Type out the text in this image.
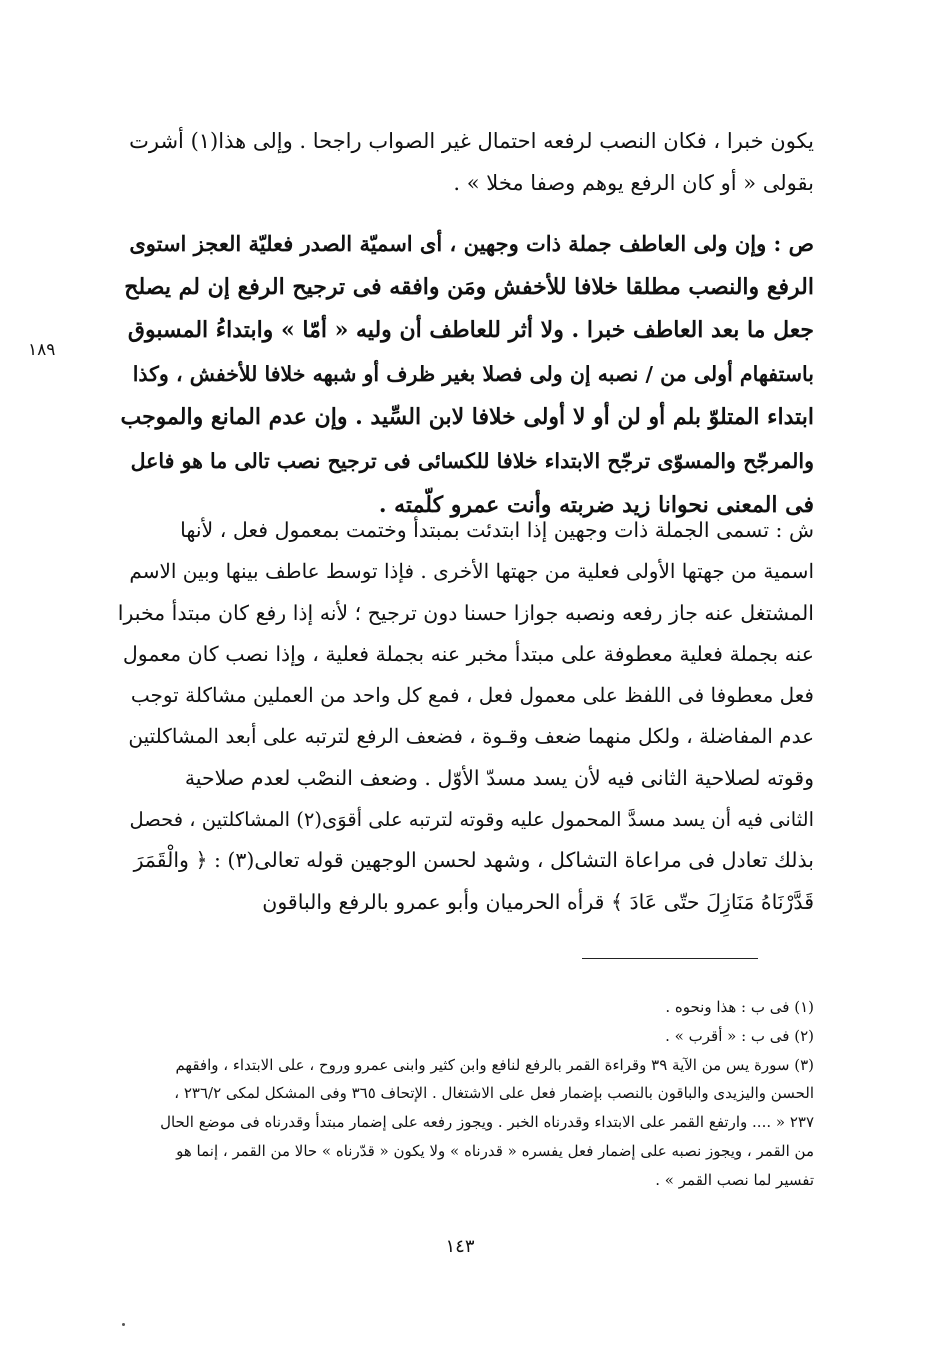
١٨٩
يكون خبرا ، فكان النصب لرفعه احتمال غير الصواب راجحا . وإلى هذا(١) أشرت
بقولى « أو كان الرفع يوهم وصفا مخلا » .
ص : وإن ولى العاطف جملة ذات وجهين ، أى اسميّة الصدر فعليّة العجز استوى
الرفع والنصب مطلقا خلافا للأخفش ومَن وافقه فى ترجيح الرفع إن لم يصلح
جعل ما بعد العاطف خبرا . ولا أثر للعاطف أن وليه « أمّا » وابتداءُ المسبوق
باستفهام أولى من / نصبه إن ولى فصلا بغير ظرف أو شبهه خلافا للأخفش ، وكذا
ابتداء المتلوّ بلم أو لن أو لا أولى خلافا لابن السِّيد . وإن عدم المانع والموجب
والمرجّح والمسوّى ترجّح الابتداء خلافا للكسائى فى ترجيح نصب تالى ما هو فاعل
فى المعنى نحوانا زيد ضربته وأنت عمرو كلّمته .
ش : تسمى الجملة ذات وجهين إذا ابتدئت بمبتدأ وختمت بمعمول فعل ، لأنها
اسمية من جهتها الأولى فعلية من جهتها الأخرى . فإذا توسط عاطف بينها وبين الاسم
المشتغل عنه جاز رفعه ونصبه جوازا حسنا دون ترجيح ؛ لأنه إذا رفع كان مبتدأ مخبرا
عنه بجملة فعلية معطوفة على مبتدأ مخبر عنه بجملة فعلية ، وإذا نصب كان معمول
فعل معطوفا فى اللفظ على معمول فعل ، فمع كل واحد من العملين مشاكلة توجب
عدم المفاضلة ، ولكل منهما ضعف وقـوة ، فضعف الرفع لترتبه على أبعد المشاكلتين
وقوته لصلاحية الثانى فيه لأن يسد مسدّ الأوّل . وضعف النصْب لعدم صلاحية
الثانى فيه أن يسد مسدَّ المحمول عليه وقوته لترتبه على أقوَى(٢) المشاكلتين ، فحصل
بذلك تعادل فى مراعاة التشاكل ، وشهد لحسن الوجهين قوله تعالى(٣) : ﴿ والْقَمَرَ
قَدَّرْنَاهُ مَنَازِلَ حتّى عَادَ ﴾ قرأه الحرميان وأبو عمرو بالرفع والباقون
(١) فى ب : هذا ونحوه .
(٢) فى ب : « أقرب » .
(٣) سورة يس من الآية ٣٩ وقراءة القمر بالرفع لنافع وابن كثير وابنى عمرو وروح ، على الابتداء ، وافقهم
الحسن واليزيدى والباقون بالنصب بإضمار فعل على الاشتغال . الإتحاف ٣٦٥ وفى المشكل لمكى ٢٣٦/٢ ،
٢٣٧ « .... وارتفع القمر على الابتداء وقدرناه الخبر . ويجوز رفعه على إضمار مبتدأ وقدرناه فى موضع الحال
من القمر ، ويجوز نصبه على إضمار فعل يفسره « قدرناه » ولا يكون « قدّرناه » حالا من القمر ، إنما هو
تفسير لما نصب القمر » .
١٤٣
